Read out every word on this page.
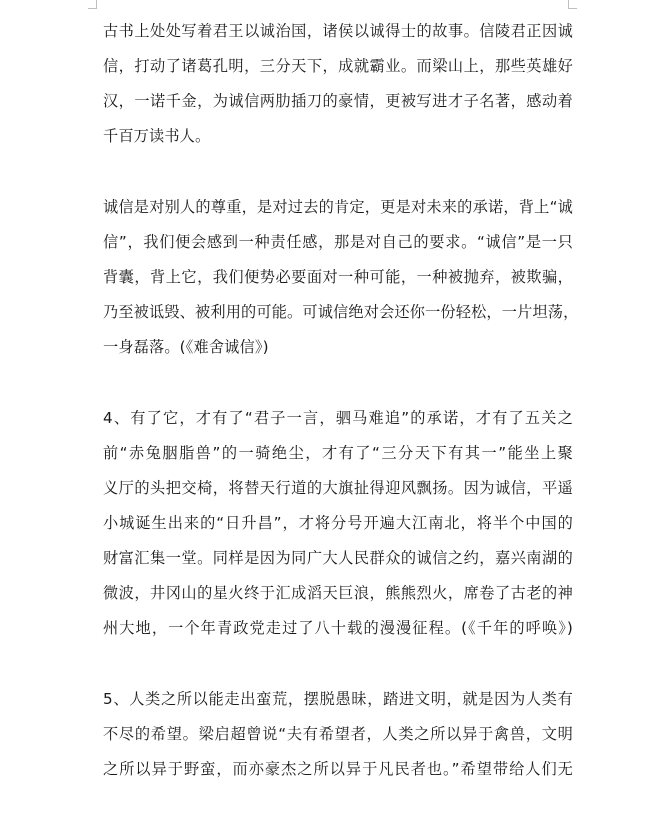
古书上处处写着君王以诚治国，诸侯以诚得士的故事。信陵君正因诚
信，打动了诸葛孔明，三分天下，成就霸业。而梁山上，那些英雄好
汉，一诺千金，为诚信两肋插刀的豪情，更被写进才子名著，感动着
千百万读书人。
诚信是对别人的尊重，是对过去的肯定，更是对未来的承诺，背上“诚
信”，我们便会感到一种责任感，那是对自己的要求。“诚信”是一只
背囊，背上它，我们便势必要面对一种可能，一种被抛弃，被欺骗，
乃至被诋毁、被利用的可能。可诚信绝对会还你一份轻松，一片坦荡，
一身磊落。(《难舍诚信》)
4、有了它，才有了“君子一言，驷马难追”的承诺，才有了五关之
前“赤兔胭脂兽”的一骑绝尘，才有了“三分天下有其一”能坐上聚
义厅的头把交椅，将替天行道的大旗扯得迎风飘扬。因为诚信，平遥
小城诞生出来的“日升昌”，才将分号开遍大江南北，将半个中国的
财富汇集一堂。同样是因为同广大人民群众的诚信之约，嘉兴南湖的
微波，井冈山的星火终于汇成滔天巨浪，熊熊烈火，席卷了古老的神
州大地，一个年青政党走过了八十载的漫漫征程。(《千年的呼唤》)
5、人类之所以能走出蛮荒，摆脱愚昧，踏进文明，就是因为人类有
不尽的希望。梁启超曾说“夫有希望者，人类之所以异于禽兽，文明
之所以异于野蛮，而亦豪杰之所以异于凡民者也。”希望带给人们无
